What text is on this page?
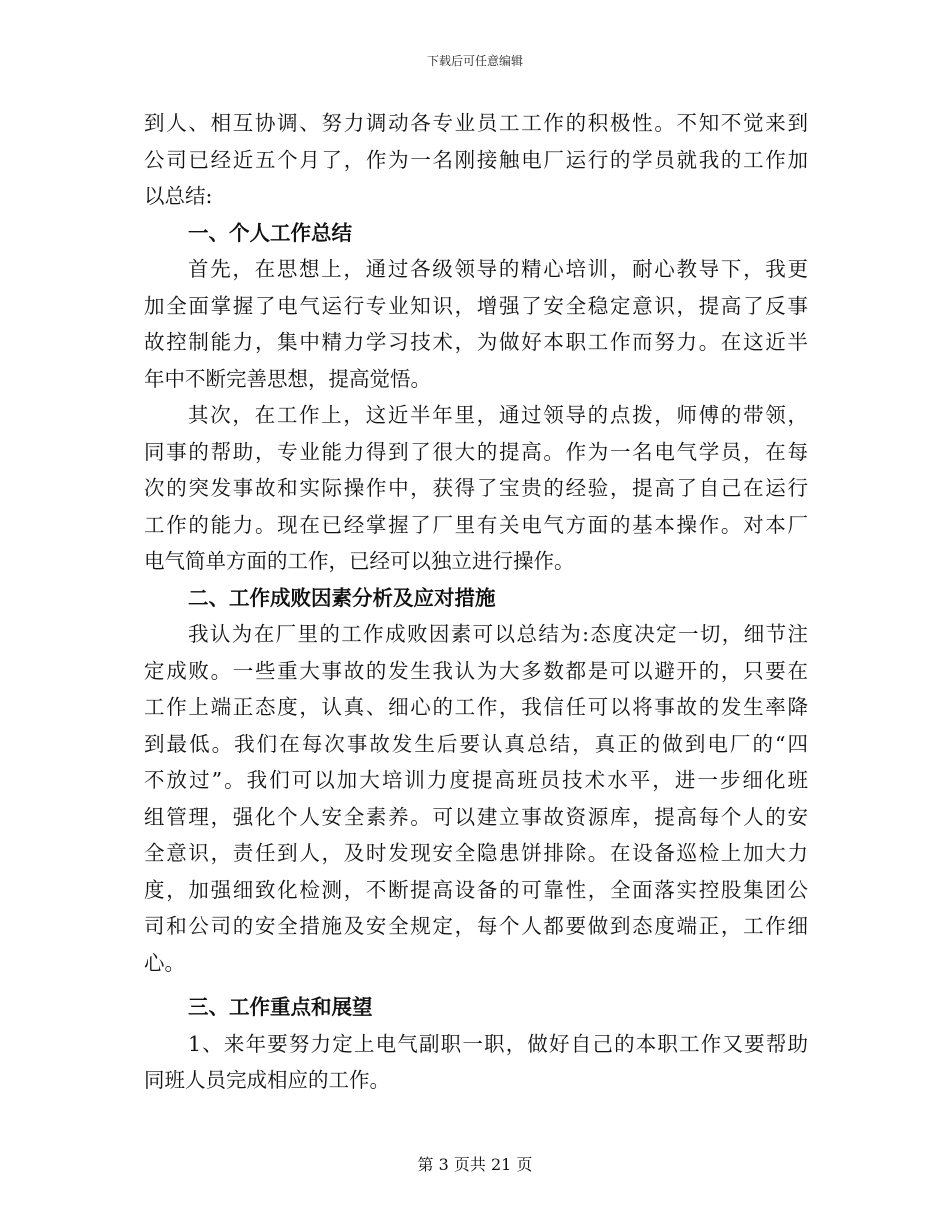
下载后可任意编辑
到人、相互协调、努力调动各专业员工工作的积极性。不知不觉来到
公司已经近五个月了，作为一名刚接触电厂运行的学员就我的工作加
以总结:
一、个人工作总结
首先，在思想上，通过各级领导的精心培训，耐心教导下，我更
加全面掌握了电气运行专业知识，增强了安全稳定意识，提高了反事
故控制能力，集中精力学习技术，为做好本职工作而努力。在这近半
年中不断完善思想，提高觉悟。
其次，在工作上，这近半年里，通过领导的点拨，师傅的带领，
同事的帮助，专业能力得到了很大的提高。作为一名电气学员，在每
次的突发事故和实际操作中，获得了宝贵的经验，提高了自己在运行
工作的能力。现在已经掌握了厂里有关电气方面的基本操作。对本厂
电气简单方面的工作，已经可以独立进行操作。
二、工作成败因素分析及应对措施
我认为在厂里的工作成败因素可以总结为:态度决定一切，细节注
定成败。一些重大事故的发生我认为大多数都是可以避开的，只要在
工作上端正态度，认真、细心的工作，我信任可以将事故的发生率降
到最低。我们在每次事故发生后要认真总结，真正的做到电厂的“四
不放过”。我们可以加大培训力度提高班员技术水平，进一步细化班
组管理，强化个人安全素养。可以建立事故资源库，提高每个人的安
全意识，责任到人，及时发现安全隐患饼排除。在设备巡检上加大力
度，加强细致化检测，不断提高设备的可靠性，全面落实控股集团公
司和公司的安全措施及安全规定，每个人都要做到态度端正，工作细
心。
三、工作重点和展望
1、来年要努力定上电气副职一职，做好自己的本职工作又要帮助
同班人员完成相应的工作。
第 3 页共 21 页
